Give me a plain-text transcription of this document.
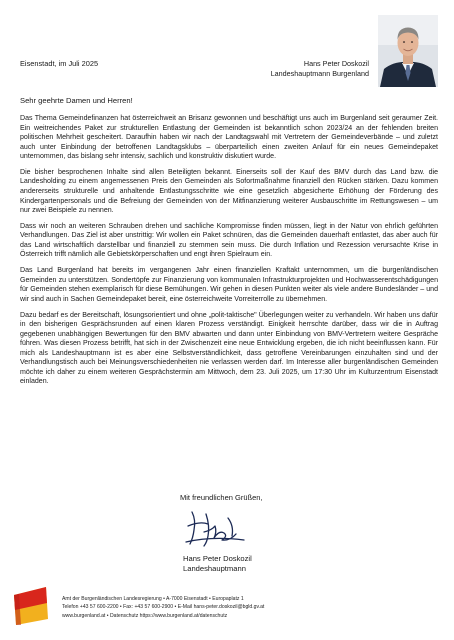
Eisenstadt, im Juli 2025	Hans Peter Doskozil
Landeshauptmann Burgenland
Sehr geehrte Damen und Herren!

Das Thema Gemeindefinanzen hat österreichweit an Brisanz gewonnen und beschäftigt uns auch im Burgenland seit geraumer Zeit. Ein weitreichendes Paket zur strukturellen Entlastung der Gemeinden ist bekanntlich schon 2023/24 an der fehlenden breiten politischen Mehrheit gescheitert. Daraufhin haben wir nach der Landtagswahl mit Vertretern der Gemeindeverbände – und zuletzt auch unter Einbindung der betroffenen Landtagsklubs – überparteilich einen zweiten Anlauf für ein neues Gemeindepaket unternommen, das bislang sehr intensiv, sachlich und konstruktiv diskutiert wurde.

Die bisher besprochenen Inhalte sind allen Beteiligten bekannt. Einerseits soll der Kauf des BMV durch das Land bzw. die Landesholding zu einem angemessenen Preis den Gemeinden als Sofortmaßnahme finanziell den Rücken stärken. Dazu kommen andererseits strukturelle und anhaltende Entlastungsschritte wie eine gesetzlich abgesicherte Erhöhung der Förderung des Kindergartenpersonals und die Befreiung der Gemeinden von der Mitfinanzierung weiterer Ausbauschritte im Rettungswesen – um nur zwei Beispiele zu nennen.

Dass wir noch an weiteren Schrauben drehen und sachliche Kompromisse finden müssen, liegt in der Natur von ehrlich geführten Verhandlungen. Das Ziel ist aber unstrittig: Wir wollen ein Paket schnüren, das die Gemeinden dauerhaft entlastet, das aber auch für das Land wirtschaftlich darstellbar und finanziell zu stemmen sein muss. Die durch Inflation und Rezession verursachte Krise in Österreich trifft nämlich alle Gebietskörperschaften und engt ihren Spielraum ein.

Das Land Burgenland hat bereits im vergangenen Jahr einen finanziellen Kraftakt unternommen, um die burgenländischen Gemeinden zu unterstützen. Sondertöpfe zur Finanzierung von kommunalen Infrastrukturprojekten und Hochwasserentschädigungen für Gemeinden stehen exemplarisch für diese Bemühungen. Wir gehen in diesen Punkten weiter als viele andere Bundesländer – und wir sind auch in Sachen Gemeindepaket bereit, eine österreichweite Vorreiterrolle zu übernehmen.

Dazu bedarf es der Bereitschaft, lösungsorientiert und ohne „polit-taktische" Überlegungen weiter zu verhandeln. Wir haben uns dafür in den bisherigen Gesprächsrunden auf einen klaren Prozess verständigt. Einigkeit herrschte darüber, dass wir die in Auftrag gegebenen unabhängigen Bewertungen für den BMV abwarten und dann unter Einbindung von BMV-Vertretern weitere Gespräche führen. Was diesen Prozess betrifft, hat sich in der Zwischenzeit eine neue Entwicklung ergeben, die ich nicht beeinflussen kann. Für mich als Landeshauptmann ist es aber eine Selbstverständlichkeit, dass getroffene Vereinbarungen einzuhalten sind und der Verhandlungstisch auch bei Meinungsverschiedenheiten nie verlassen werden darf. Im Interesse aller burgenländischen Gemeinden möchte ich daher zu einem weiteren Gesprächstermin am Mittwoch, dem 23. Juli 2025, um 17:30 Uhr im Kulturzentrum Eisenstadt einladen.

Mit freundlichen Grüßen,
Hans Peter Doskozil
Landeshauptmann
Amt der Burgenländischen Landesregierung • A-7000 Eisenstadt • Europaplatz 1
Telefon +43 57 600-2200 • Fax: +43 57 600-2900 • E-Mail hans-peter.doskozil@bgld.gv.at
www.burgenland.at • Datenschutz https://www.burgenland.at/datenschutz
